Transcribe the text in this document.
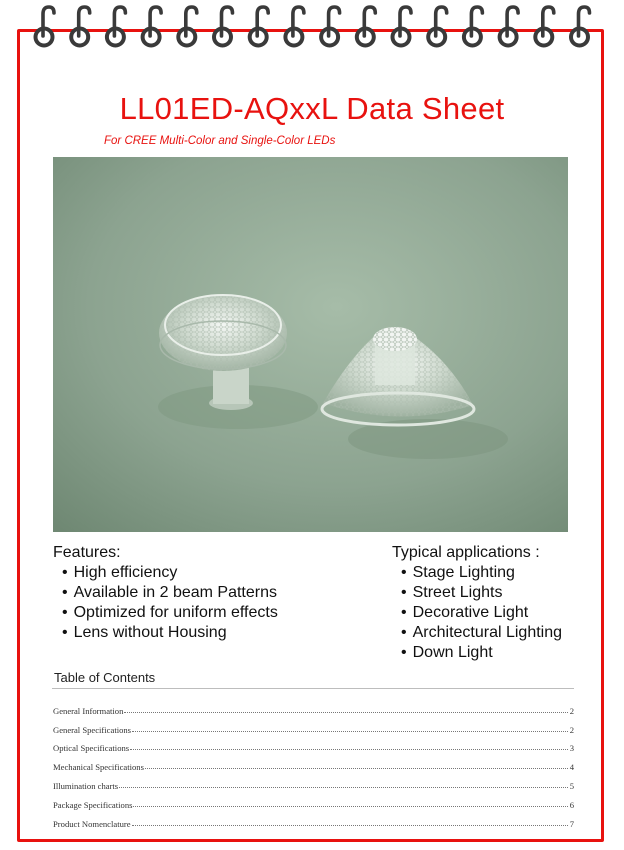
LL01ED-AQxxL Data Sheet
For CREE Multi-Color and Single-Color LEDs
Features:
• High efficiency
• Available in 2 beam Patterns
• Optimized for uniform effects
• Lens without Housing
Typical applications :
• Stage Lighting
• Street Lights
• Decorative Light
• Architectural Lighting
• Down Light
Table of Contents
General Information	2
General Specifications	2
Optical Specifications	3
Mechanical Specifications	4
Illumination charts	5
Package Specifications	6
Product Nomenclature	7
